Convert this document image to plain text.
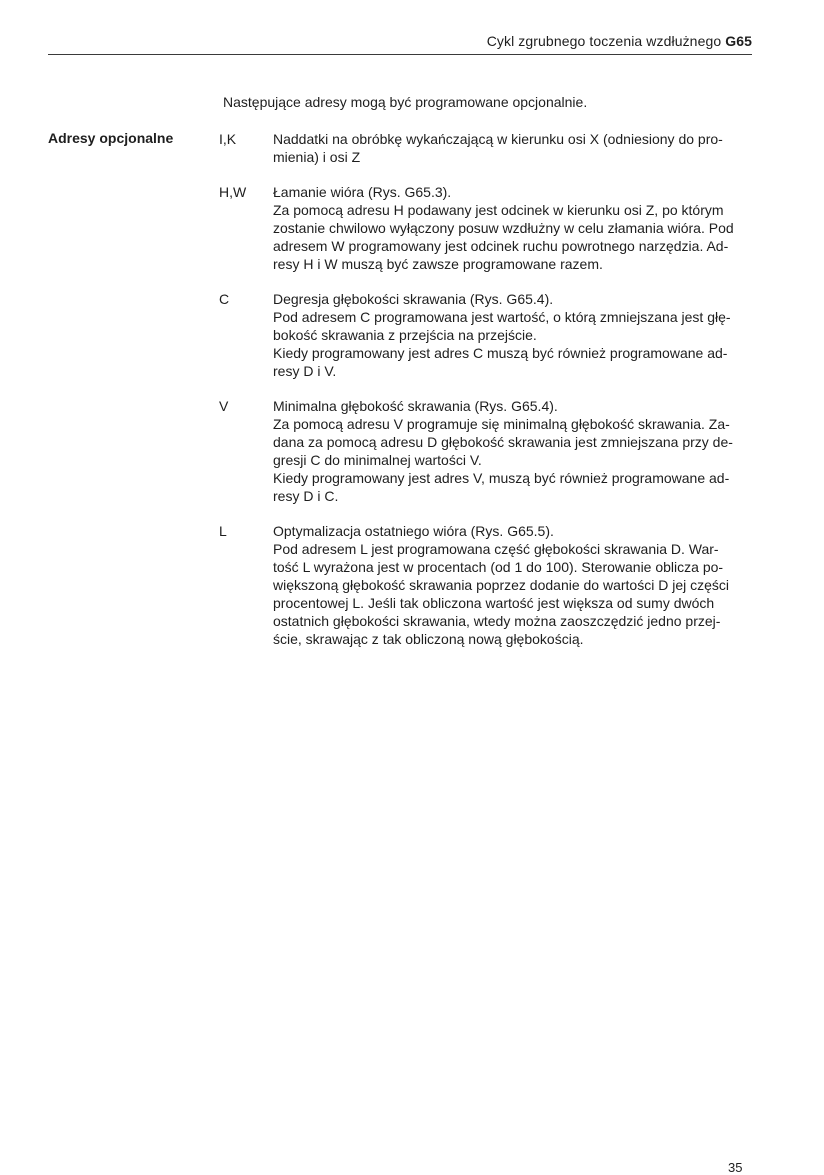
Cykl zgrubnego toczenia wzdłużnego G65
Następujące adresy mogą być programowane opcjonalnie.
Adresy opcjonalne	I,K	Naddatki na obróbkę wykańczającą w kierunku osi X (odniesiony do pro-
mienia) i osi Z
H,W	Łamanie wióra (Rys. G65.3).
Za pomocą adresu H podawany jest odcinek w kierunku osi Z, po którym
zostanie chwilowo wyłączony posuw wzdłużny w celu złamania wióra. Pod
adresem W programowany jest odcinek ruchu powrotnego narzędzia. Ad-
resy H i W muszą być zawsze programowane razem.
C	Degresja głębokości skrawania (Rys. G65.4).
Pod adresem C programowana jest wartość, o którą zmniejszana jest głę-
bokość skrawania z przejścia na przejście.
Kiedy programowany jest adres C muszą być również programowane ad-
resy D i V.
V	Minimalna głębokość skrawania (Rys. G65.4).
Za pomocą adresu V programuje się minimalną głębokość skrawania. Za-
dana za pomocą adresu D głębokość skrawania jest zmniejszana przy de-
gresji C do minimalnej wartości V.
Kiedy programowany jest adres V, muszą być również programowane ad-
resy D i C.
L	Optymalizacja ostatniego wióra (Rys. G65.5).
Pod adresem L jest programowana część głębokości skrawania D. War-
tość L wyrażona jest w procentach (od 1 do 100). Sterowanie oblicza po-
większoną głębokość skrawania poprzez dodanie do wartości D jej części
procentowej L. Jeśli tak obliczona wartość jest większa od sumy dwóch
ostatnich głębokości skrawania, wtedy można zaoszczędzić jedno przej-
ście, skrawając z tak obliczoną nową głębokością.
35
